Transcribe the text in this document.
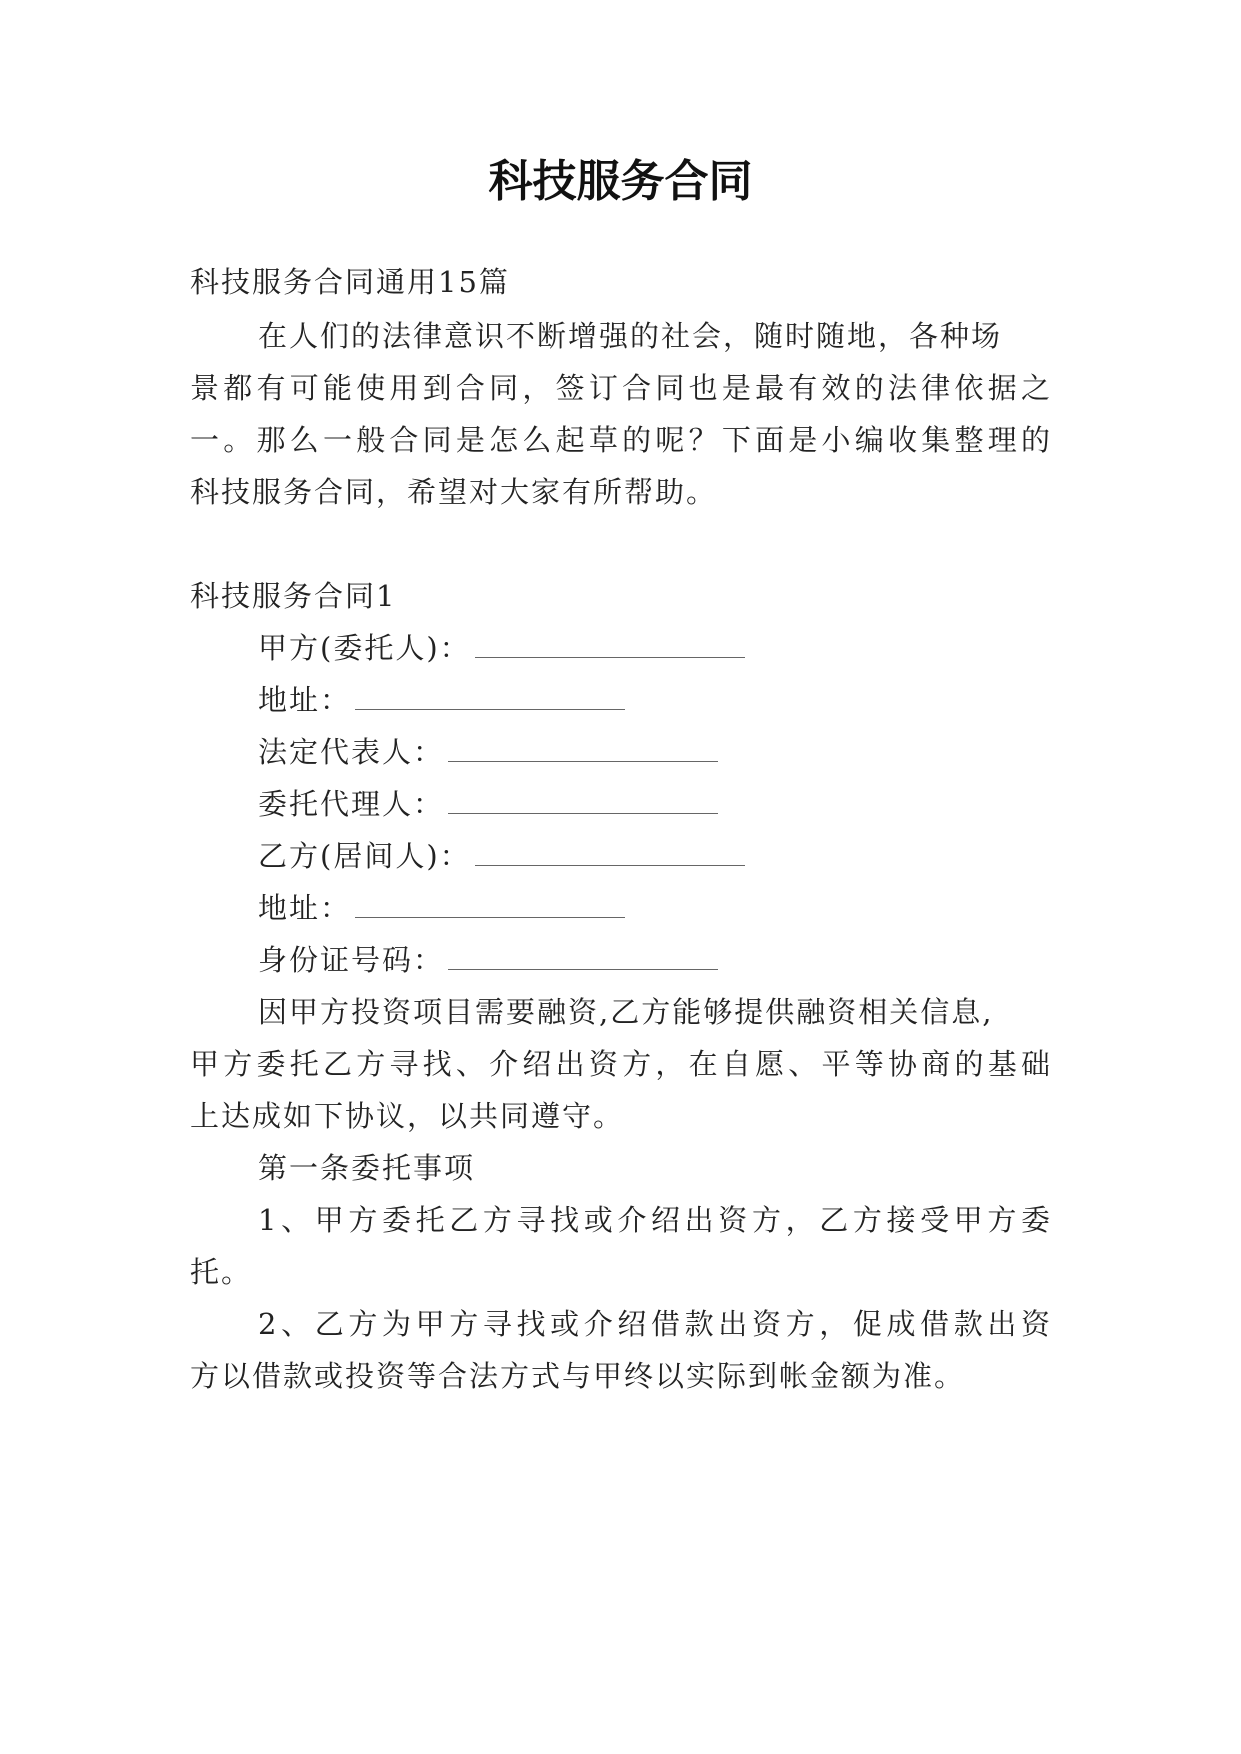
科技服务合同
科技服务合同通用15篇
在人们的法律意识不断增强的社会，随时随地，各种场
景都有可能使用到合同，签订合同也是最有效的法律依据之
一。那么一般合同是怎么起草的呢？下面是小编收集整理的
科技服务合同，希望对大家有所帮助。
科技服务合同1
甲方(委托人)：
地址：
法定代表人：
委托代理人：
乙方(居间人)：
地址：
身份证号码：
因甲方投资项目需要融资,乙方能够提供融资相关信息,
甲方委托乙方寻找、介绍出资方，在自愿、平等协商的基础
上达成如下协议，以共同遵守。
第一条委托事项
1、甲方委托乙方寻找或介绍出资方，乙方接受甲方委
托。
2、乙方为甲方寻找或介绍借款出资方，促成借款出资
方以借款或投资等合法方式与甲终以实际到帐金额为准。
